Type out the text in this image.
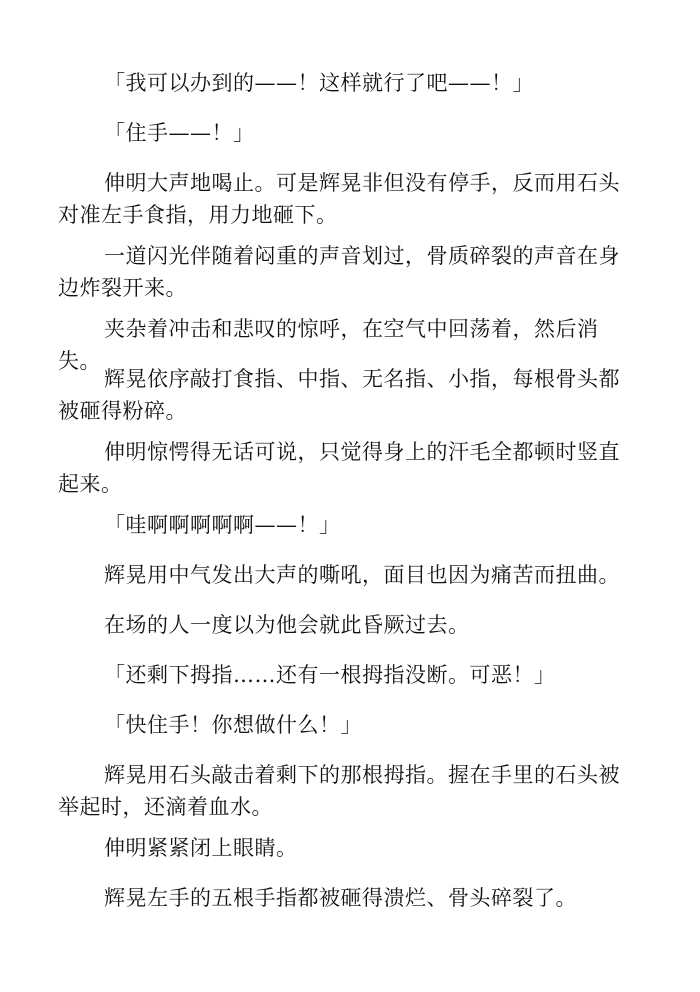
「我可以办到的——！这样就行了吧——！」

「住手——！」

伸明大声地喝止。可是辉晃非但没有停手，反而用石头对准左手食指，用力地砸下。

一道闪光伴随着闷重的声音划过，骨质碎裂的声音在身边炸裂开来。

夹杂着冲击和悲叹的惊呼，在空气中回荡着，然后消失。

辉晃依序敲打食指、中指、无名指、小指，每根骨头都被砸得粉碎。

伸明惊愕得无话可说，只觉得身上的汗毛全都顿时竖直起来。

「哇啊啊啊啊啊——！」

辉晃用中气发出大声的嘶吼，面目也因为痛苦而扭曲。

在场的人一度以为他会就此昏厥过去。

「还剩下拇指……还有一根拇指没断。可恶！」

「快住手！你想做什么！」

辉晃用石头敲击着剩下的那根拇指。握在手里的石头被举起时，还滴着血水。

伸明紧紧闭上眼睛。

辉晃左手的五根手指都被砸得溃烂、骨头碎裂了。
